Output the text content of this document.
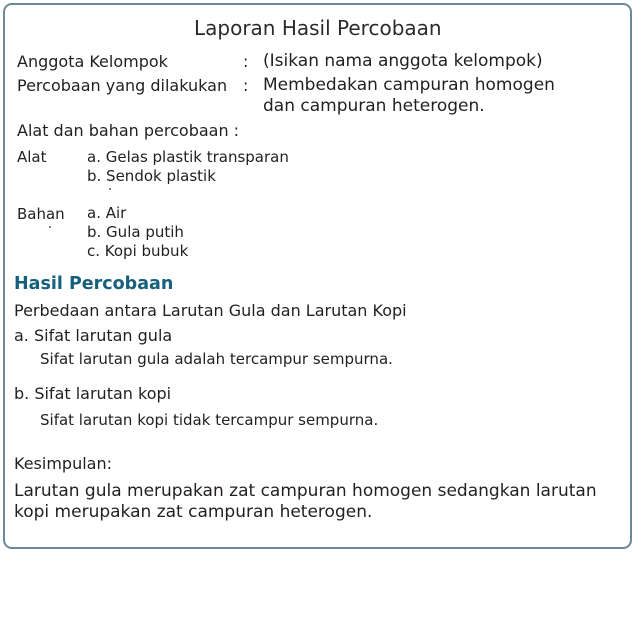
Laporan Hasil Percobaan
Anggota Kelompok	: (Isikan nama anggota kelompok)
Percobaan yang dilakukan : Membedakan campuran homogen
dan campuran heterogen.
Alat dan bahan percobaan :
Alat	a. Gelas plastik transparan
b. Sendok plastik
Bahan a. Air
b. Gula putih
c. Kopi bubuk
Hasil Percobaan
Perbedaan antara Larutan Gula dan Larutan Kopi
a. Sifat larutan gula
Sifat larutan gula adalah tercampur sempurna.
b. Sifat larutan kopi
Sifat larutan kopi tidak tercampur sempurna.
Kesimpulan:
Larutan gula merupakan zat campuran homogen sedangkan larutan
kopi merupakan zat campuran heterogen.
